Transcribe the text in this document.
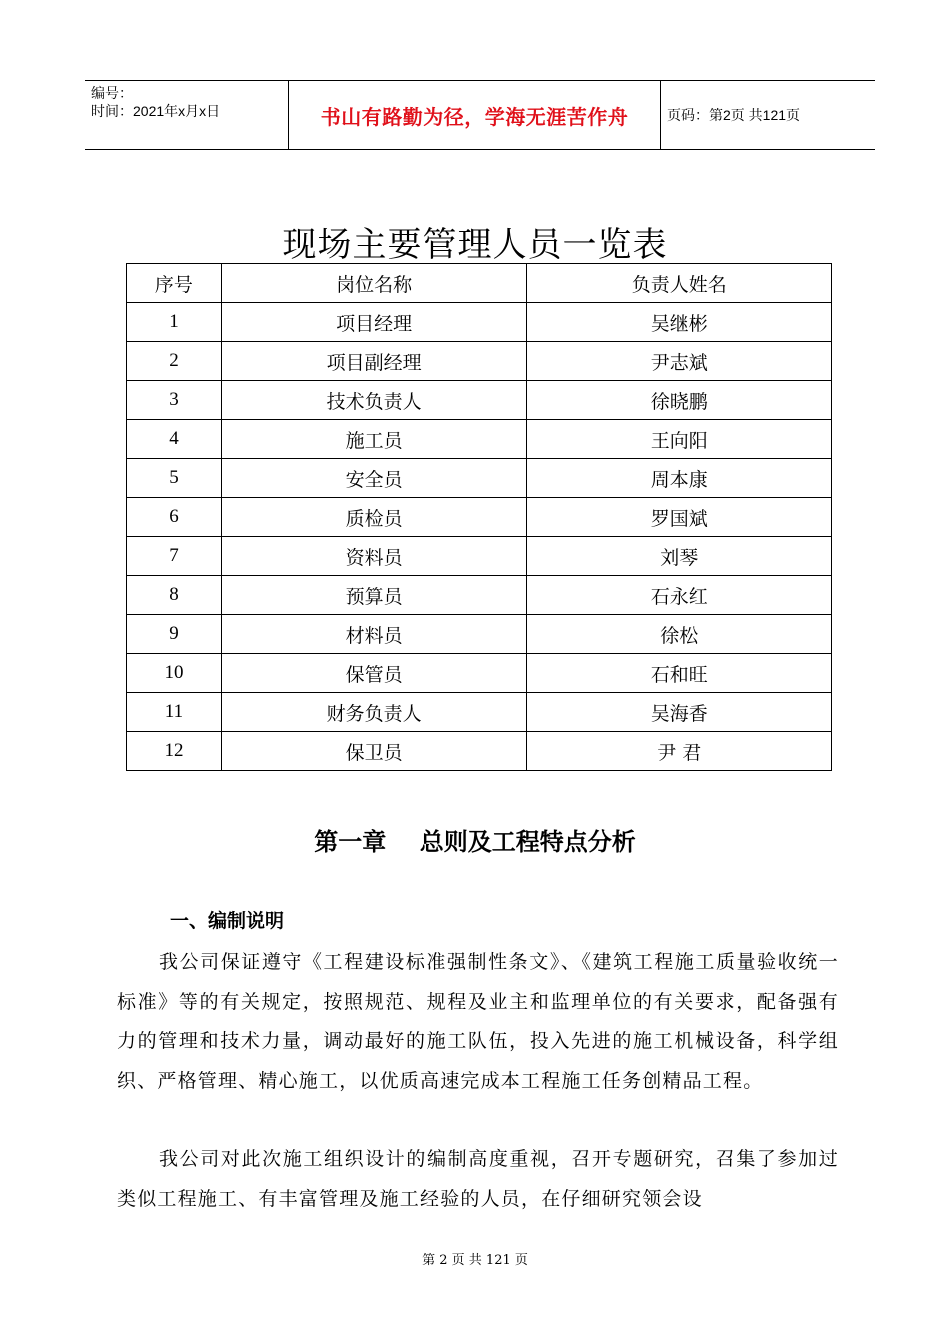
编号：
时间：2021年x月x日	书山有路勤为径，学海无涯苦作舟	页码：第2页 共121页
现场主要管理人员一览表
序号	岗位名称	负责人姓名
1	项目经理	吴继彬
2	项目副经理	尹志斌
3	技术负责人	徐晓鹏
4	施工员	王向阳
5	安全员	周本康
6	质检员	罗国斌
7	资料员	刘琴
8	预算员	石永红
9	材料员	徐松
10	保管员	石和旺
11	财务负责人	吴海香
12	保卫员	尹 君
第一章    总则及工程特点分析
一、编制说明

我公司保证遵守《工程建设标准强制性条文》、《建筑工程施工质量验收统一标准》等的有关规定，按照规范、规程及业主和监理单位的有关要求，配备强有力的管理和技术力量，调动最好的施工队伍，投入先进的施工机械设备，科学组织、严格管理、精心施工，以优质高速完成本工程施工任务创精品工程。

我公司对此次施工组织设计的编制高度重视，召开专题研究，召集了参加过类似工程施工、有丰富管理及施工经验的人员，在仔细研究领会设

第 2 页 共 121 页
